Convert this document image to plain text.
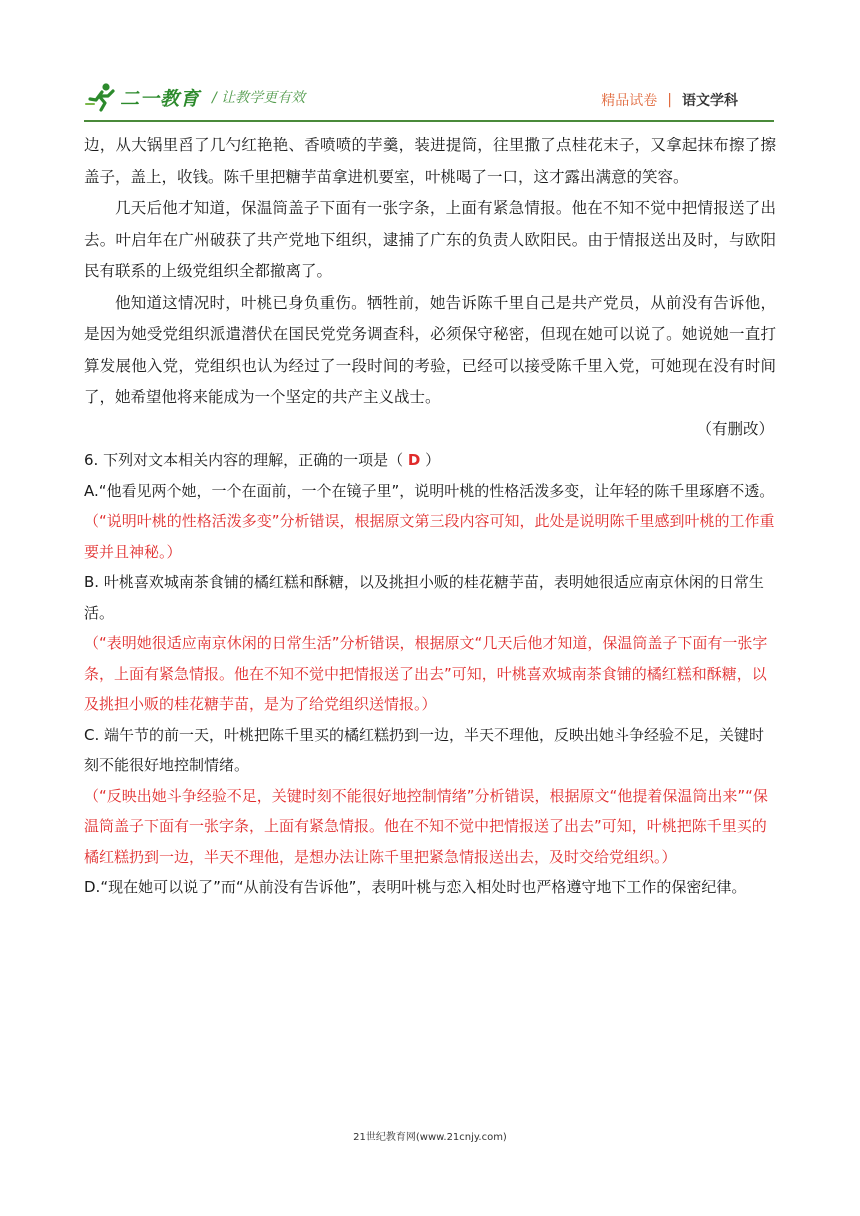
二一教育 / 让教学更有效	精品试卷 | 语文学科

边，从大锅里舀了几勺红艳艳、香喷喷的芋羹，装进提筒，往里撒了点桂花末子，又拿起抹布擦了擦盖子，盖上，收钱。陈千里把糖芋苗拿进机要室，叶桃喝了一口，这才露出满意的笑容。

几天后他才知道，保温筒盖子下面有一张字条，上面有紧急情报。他在不知不觉中把情报送了出去。叶启年在广州破获了共产党地下组织，逮捕了广东的负责人欧阳民。由于情报送出及时，与欧阳民有联系的上级党组织全都撤离了。

他知道这情况时，叶桃已身负重伤。牺牲前，她告诉陈千里自己是共产党员，从前没有告诉他，是因为她受党组织派遣潜伏在国民党党务调查科，必须保守秘密，但现在她可以说了。她说她一直打算发展他入党，党组织也认为经过了一段时间的考验，已经可以接受陈千里入党，可她现在没有时间了，她希望他将来能成为一个坚定的共产主义战士。

（有删改）

6. 下列对文本相关内容的理解，正确的一项是（ D ）

A.“他看见两个她，一个在面前，一个在镜子里”，说明叶桃的性格活泼多变，让年轻的陈千里琢磨不透。

（“说明叶桃的性格活泼多变”分析错误，根据原文第三段内容可知，此处是说明陈千里感到叶桃的工作重要并且神秘。）

B. 叶桃喜欢城南茶食铺的橘红糕和酥糖，以及挑担小贩的桂花糖芋苗，表明她很适应南京休闲的日常生活。

（“表明她很适应南京休闲的日常生活”分析错误，根据原文“几天后他才知道，保温筒盖子下面有一张字条，上面有紧急情报。他在不知不觉中把情报送了出去”可知，叶桃喜欢城南茶食铺的橘红糕和酥糖，以及挑担小贩的桂花糖芋苗，是为了给党组织送情报。）

C. 端午节的前一天，叶桃把陈千里买的橘红糕扔到一边，半天不理他，反映出她斗争经验不足，关键时刻不能很好地控制情绪。

（“反映出她斗争经验不足，关键时刻不能很好地控制情绪”分析错误，根据原文“他提着保温筒出来”“保温筒盖子下面有一张字条，上面有紧急情报。他在不知不觉中把情报送了出去”可知，叶桃把陈千里买的橘红糕扔到一边，半天不理他，是想办法让陈千里把紧急情报送出去，及时交给党组织。）

D.“现在她可以说了”而“从前没有告诉他”，表明叶桃与恋入相处时也严格遵守地下工作的保密纪律。

21世纪教育网(www.21cnjy.com)
